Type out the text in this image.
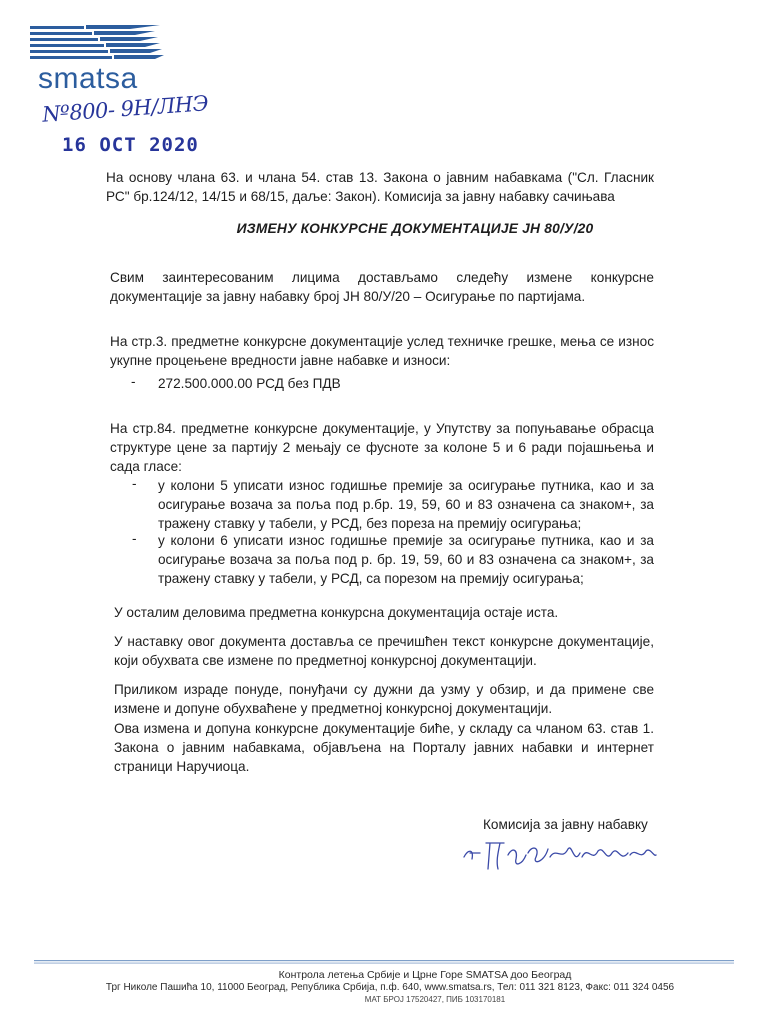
smatsa
Nº800- 9Н/ЛНЭ
16 OCT 2020
На основу члана 63. и члана 54. став 13. Закона о јавним набавкама ("Сл. Гласник РС" бр.124/12, 14/15 и 68/15, даље: Закон). Комисија за јавну набавку сачињава
ИЗМЕНУ КОНКУРСНЕ ДОКУМЕНТАЦИЈЕ ЈН 80/У/20
Свим заинтересованим лицима достављамо следећу измене конкурсне документације за јавну набавку број ЈН 80/У/20 – Осигурање по партијама.
На стр.3. предметне конкурсне документације услед техничке грешке, мења се износ укупне процењене вредности јавне набавке и износи:
- 272.500.000.00 РСД без ПДВ
На стр.84. предметне конкурсне документације, у Упутству за попуњавање обрасца структуре цене за партију 2 мењају се фусноте за колоне 5 и 6 ради појашњења и сада гласе:
- у колони 5 уписати износ годишње премије за осигурање путника, као и за осигурање возача за поља под р.бр. 19, 59, 60 и 83 означена са знаком+, за тражену ставку у табели, у РСД, без пореза на премију осигурања;
- у колони 6 уписати износ годишње премије за осигурање путника, као и за осигурање возача за поља под р. бр. 19, 59, 60 и 83 означена са знаком+, за тражену ставку у табели, у РСД, са порезом на премију осигурања;
У осталим деловима предметна конкурсна документација остаје иста.
У наставку овог документа доставља се пречишћен текст конкурсне документације, који обухвата све измене по предметној конкурсној документацији.
Приликом израде понуде, понуђачи су дужни да узму у обзир, и да примене све измене и допуне обухваћене у предметној конкурсној документацији.
Ова измена и допуна конкурсне документације биће, у складу са чланом 63. став 1. Закона о јавним набавкама, објављена на Порталу јавних набавки и интернет страници Наручиоца.
Комисија за јавну набавку
Контрола летења Србије и Црне Горе SMATSA доо Београд
Трг Николе Пашића 10, 11000 Београд, Република Србија, п.ф. 640, www.smatsa.rs, Тел: 011 321 8123, Факс: 011 324 0456
МАТ БРОЈ 17520427, ПИБ 103170181
